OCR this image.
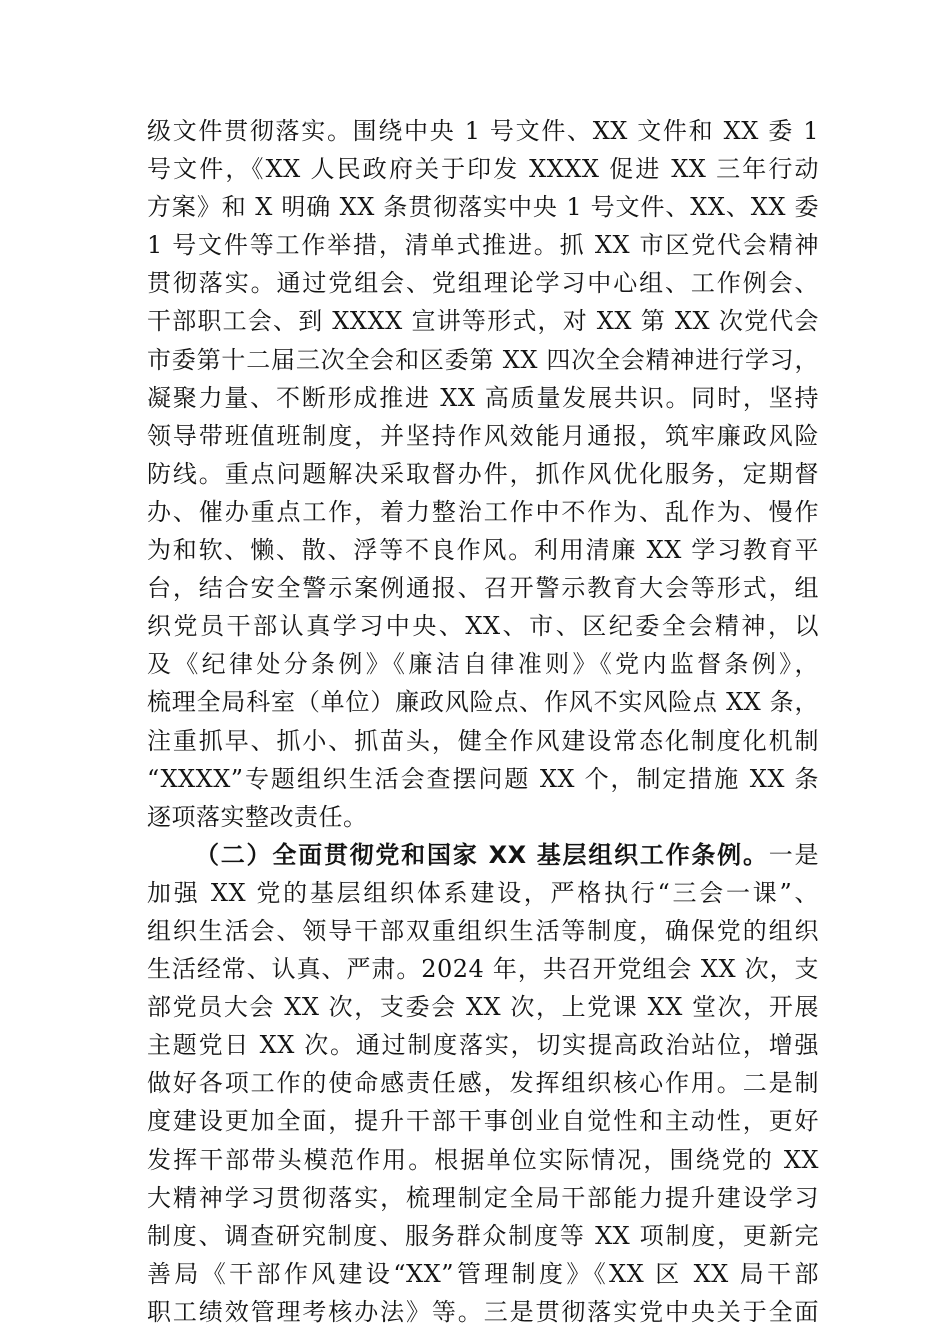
级文件贯彻落实。围绕中央 1 号文件、XX 文件和 XX 委 1
号文件，《XX 人民政府关于印发 XXXX 促进 XX 三年行动
方案》和 X 明确 XX 条贯彻落实中央 1 号文件、XX、XX 委
1 号文件等工作举措，清单式推进。抓 XX 市区党代会精神
贯彻落实。通过党组会、党组理论学习中心组、工作例会、
干部职工会、到 XXXX 宣讲等形式，对 XX 第 XX 次党代会
市委第十二届三次全会和区委第 XX 四次全会精神进行学习，
凝聚力量、不断形成推进 XX 高质量发展共识。同时，坚持
领导带班值班制度，并坚持作风效能月通报，筑牢廉政风险
防线。重点问题解决采取督办件，抓作风优化服务，定期督
办、催办重点工作，着力整治工作中不作为、乱作为、慢作
为和软、懒、散、浮等不良作风。利用清廉 XX 学习教育平
台，结合安全警示案例通报、召开警示教育大会等形式，组
织党员干部认真学习中央、XX、市、区纪委全会精神，以
及《纪律处分条例》《廉洁自律准则》《党内监督条例》，
梳理全局科室（单位）廉政风险点、作风不实风险点 XX 条，
注重抓早、抓小、抓苗头，健全作风建设常态化制度化机制
“XXXX”专题组织生活会查摆问题 XX 个，制定措施 XX 条
逐项落实整改责任。
（二）全面贯彻党和国家 XX 基层组织工作条例。一是
加强 XX 党的基层组织体系建设，严格执行“三会一课”、
组织生活会、领导干部双重组织生活等制度，确保党的组织
生活经常、认真、严肃。2024 年，共召开党组会 XX 次，支
部党员大会 XX 次，支委会 XX 次，上党课 XX 堂次，开展
主题党日 XX 次。通过制度落实，切实提高政治站位，增强
做好各项工作的使命感责任感，发挥组织核心作用。二是制
度建设更加全面，提升干部干事创业自觉性和主动性，更好
发挥干部带头模范作用。根据单位实际情况，围绕党的 XX
大精神学习贯彻落实，梳理制定全局干部能力提升建设学习
制度、调查研究制度、服务群众制度等 XX 项制度，更新完
善局《干部作风建设“XX”管理制度》《XX 区 XX 局干部
职工绩效管理考核办法》等。三是贯彻落实党中央关于全面
